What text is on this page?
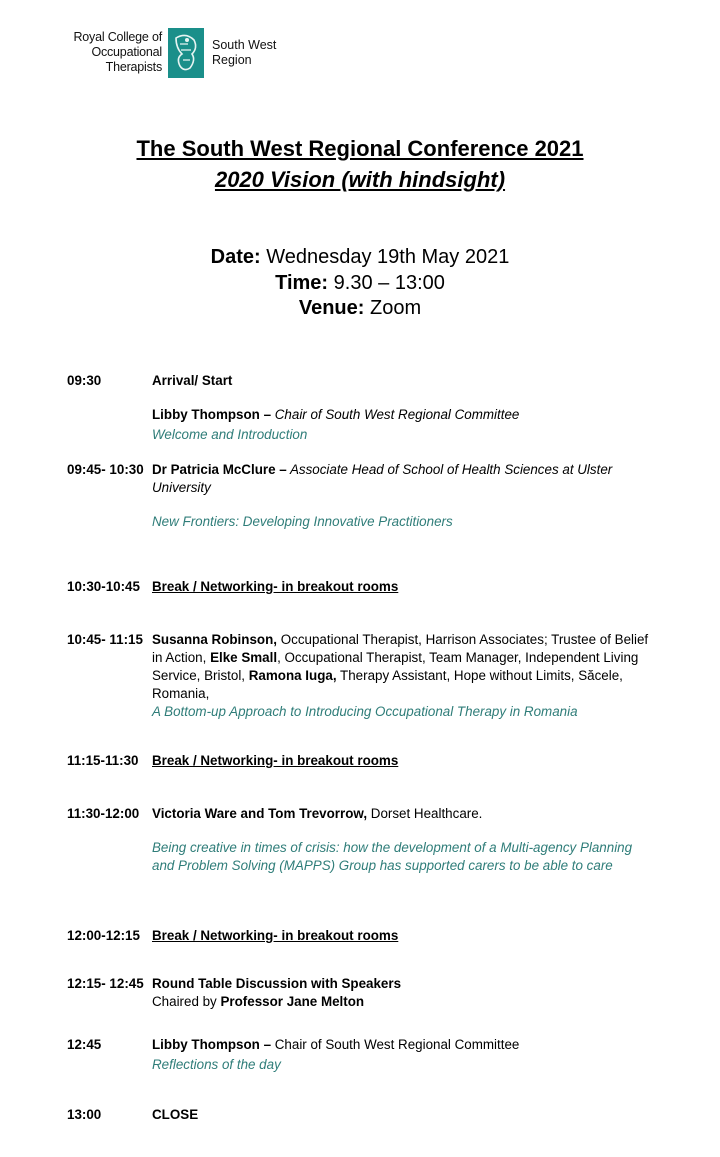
Royal College of
Occupational
Therapists
South West
Region
The South West Regional Conference 2021
2020 Vision (with hindsight)
Date: Wednesday 19th May 2021
Time: 9.30 – 13:00
Venue: Zoom
09:30	Arrival/ Start
Libby Thompson – Chair of South West Regional Committee
Welcome and Introduction
09:45- 10:30 Dr Patricia McClure – Associate Head of School of Health Sciences at Ulster University
New Frontiers: Developing Innovative Practitioners
10:30-10:45 Break / Networking- in breakout rooms
10:45- 11:15 Susanna Robinson, Occupational Therapist, Harrison Associates; Trustee of Belief in Action, Elke Small, Occupational Therapist, Team Manager, Independent Living Service, Bristol, Ramona Iuga, Therapy Assistant, Hope without Limits, Săcele, Romania,
A Bottom-up Approach to Introducing Occupational Therapy in Romania
11:15-11:30 Break / Networking- in breakout rooms
11:30-12:00 Victoria Ware and Tom Trevorrow, Dorset Healthcare.
Being creative in times of crisis: how the development of a Multi-agency Planning and Problem Solving (MAPPS) Group has supported carers to be able to care
12:00-12:15 Break / Networking- in breakout rooms
12:15- 12:45 Round Table Discussion with Speakers
Chaired by Professor Jane Melton
12:45	Libby Thompson – Chair of South West Regional Committee
Reflections of the day
13:00	CLOSE
